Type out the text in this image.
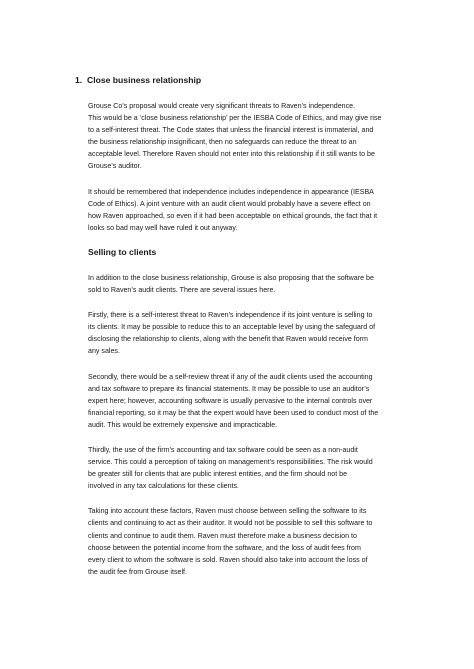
1. Close business relationship

Grouse Co’s proposal would create very significant threats to Raven’s independence.
This would be a ‘close business relationship’ per the IESBA Code of Ethics, and may give rise
to a self-interest threat. The Code states that unless the financial interest is immaterial, and
the business relationship insignificant, then no safeguards can reduce the threat to an
acceptable level. Therefore Raven should not enter into this relationship if it still wants to be
Grouse’s auditor.

It should be remembered that independence includes independence in appearance (IESBA
Code of Ethics). A joint venture with an audit client would probably have a severe effect on
how Raven approached, so even if it had been acceptable on ethical grounds, the fact that it
looks so bad may well have ruled it out anyway.

Selling to clients

In addition to the close business relationship, Grouse is also proposing that the software be
sold to Raven’s audit clients. There are several issues here.

Firstly, there is a self-interest threat to Raven’s independence if its joint venture is selling to
its clients. It may be possible to reduce this to an acceptable level by using the safeguard of
disclosing the relationship to clients, along with the benefit that Raven would receive form
any sales.

Secondly, there would be a self-review threat if any of the audit clients used the accounting
and tax software to prepare its financial statements. It may be possible to use an auditor’s
expert here; however, accounting software is usually pervasive to the internal controls over
financial reporting, so it may be that the expert would have been used to conduct most of the
audit. This would be extremely expensive and impracticable.

Thirdly, the use of the firm’s accounting and tax software could be seen as a non-audit
service. This could a perception of taking on management’s responsibilities. The risk would
be greater still for clients that are public interest entities, and the firm should not be
involved in any tax calculations for these clients.

Taking into account these factors, Raven must choose between selling the software to its
clients and continuing to act as their auditor. It would not be possible to sell this software to
clients and continue to audit them. Raven must therefore make a business decision to
choose between the potential income from the software, and the loss of audit fees from
every client to whom the software is sold. Raven should also take into account the loss of
the audit fee from Grouse itself.
